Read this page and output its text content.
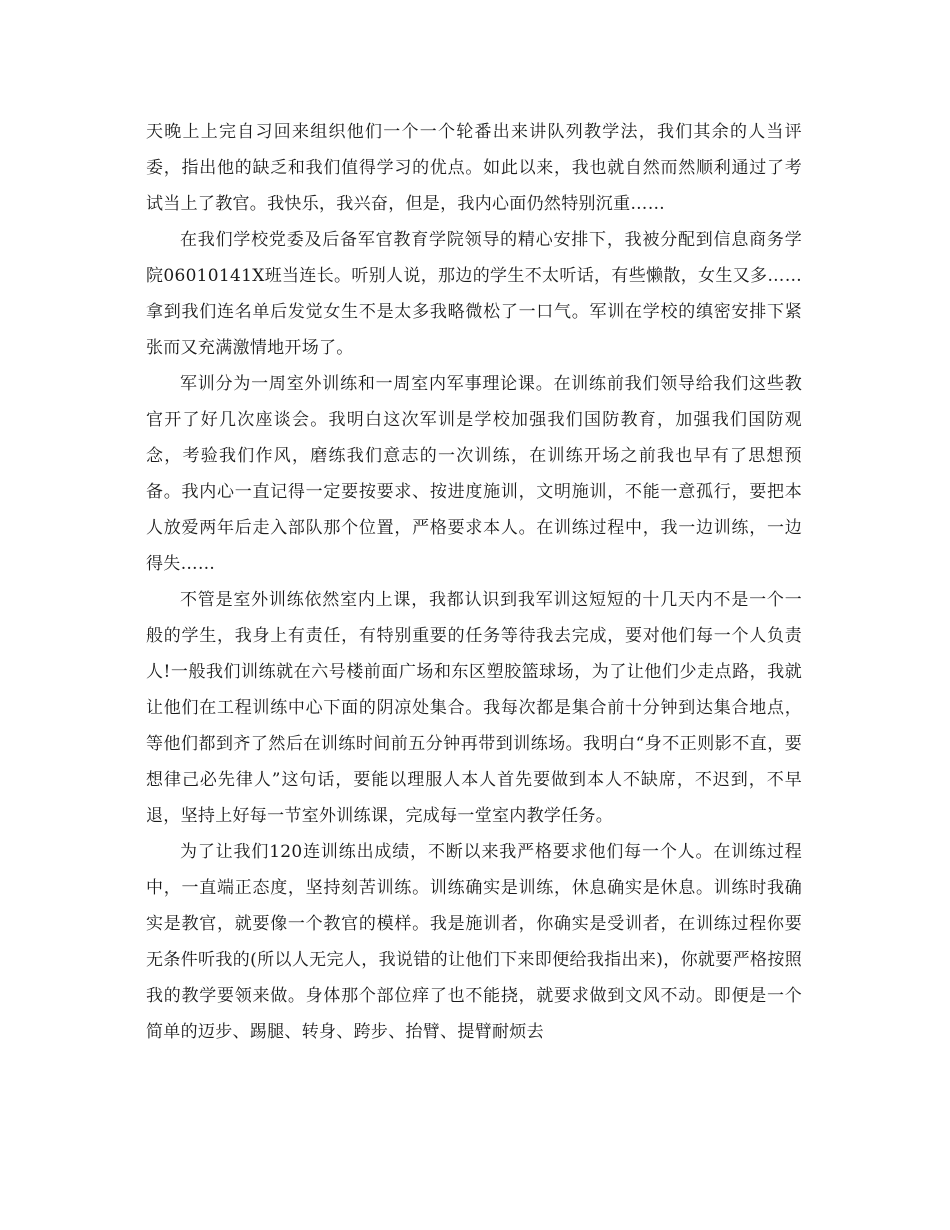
天晚上上完自习回来组织他们一个一个轮番出来讲队列教学法，我们其余的人当评委，指出他的缺乏和我们值得学习的优点。如此以来，我也就自然而然顺利通过了考试当上了教官。我快乐，我兴奋，但是，我内心面仍然特别沉重……

在我们学校党委及后备军官教育学院领导的精心安排下，我被分配到信息商务学院06010141X班当连长。听别人说，那边的学生不太听话，有些懒散，女生又多……拿到我们连名单后发觉女生不是太多我略微松了一口气。军训在学校的缜密安排下紧张而又充满激情地开场了。

军训分为一周室外训练和一周室内军事理论课。在训练前我们领导给我们这些教官开了好几次座谈会。我明白这次军训是学校加强我们国防教育，加强我们国防观念，考验我们作风，磨练我们意志的一次训练，在训练开场之前我也早有了思想预备。我内心一直记得一定要按要求、按进度施训，文明施训，不能一意孤行，要把本人放爱两年后走入部队那个位置，严格要求本人。在训练过程中，我一边训练，一边得失……

不管是室外训练依然室内上课，我都认识到我军训这短短的十几天内不是一个一般的学生，我身上有责任，有特别重要的任务等待我去完成，要对他们每一个人负责人!一般我们训练就在六号楼前面广场和东区塑胶篮球场，为了让他们少走点路，我就让他们在工程训练中心下面的阴凉处集合。我每次都是集合前十分钟到达集合地点，等他们都到齐了然后在训练时间前五分钟再带到训练场。我明白“身不正则影不直，要想律己必先律人”这句话，要能以理服人本人首先要做到本人不缺席，不迟到，不早退，坚持上好每一节室外训练课，完成每一堂室内教学任务。

为了让我们120连训练出成绩，不断以来我严格要求他们每一个人。在训练过程中，一直端正态度，坚持刻苦训练。训练确实是训练，休息确实是休息。训练时我确实是教官，就要像一个教官的模样。我是施训者，你确实是受训者，在训练过程你要无条件听我的(所以人无完人，我说错的让他们下来即便给我指出来)，你就要严格按照我的教学要领来做。身体那个部位痒了也不能挠，就要求做到文风不动。即便是一个简单的迈步、踢腿、转身、跨步、抬臂、提臂耐烦去
